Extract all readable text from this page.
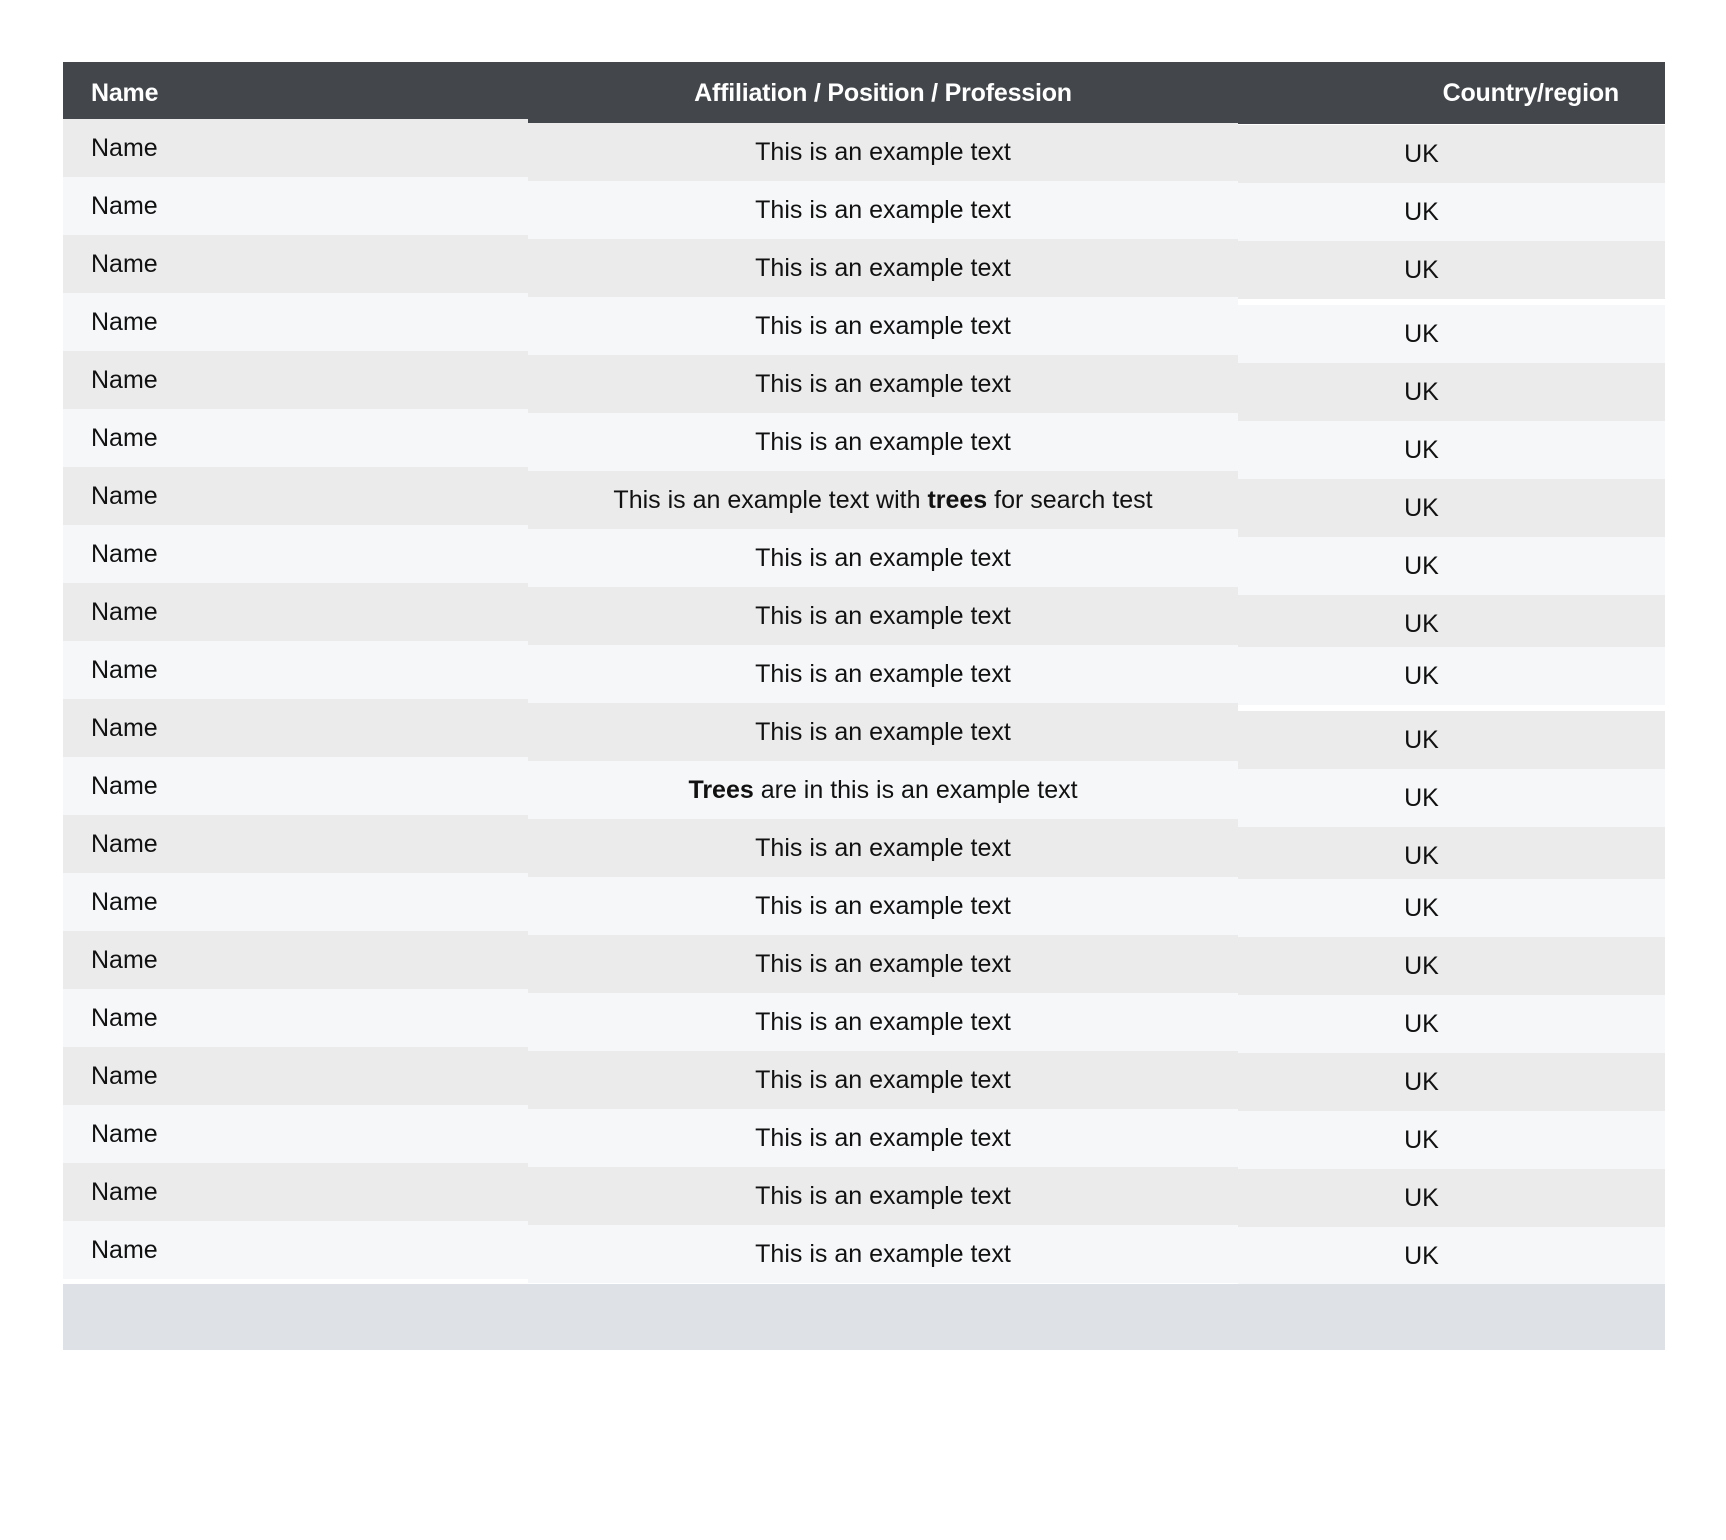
Name	Affiliation / Position / Profession	Country/region
Name	This is an example text	UK
Name	This is an example text	UK
Name	This is an example text	UK
Name	This is an example text	UK
Name	This is an example text	UK
Name	This is an example text	UK
Name	This is an example text with trees for search test	UK
Name	This is an example text	UK
Name	This is an example text	UK
Name	This is an example text	UK
Name	This is an example text	UK
Name	Trees are in this is an example text	UK
Name	This is an example text	UK
Name	This is an example text	UK
Name	This is an example text	UK
Name	This is an example text	UK
Name	This is an example text	UK
Name	This is an example text	UK
Name	This is an example text	UK
Name	This is an example text	UK
